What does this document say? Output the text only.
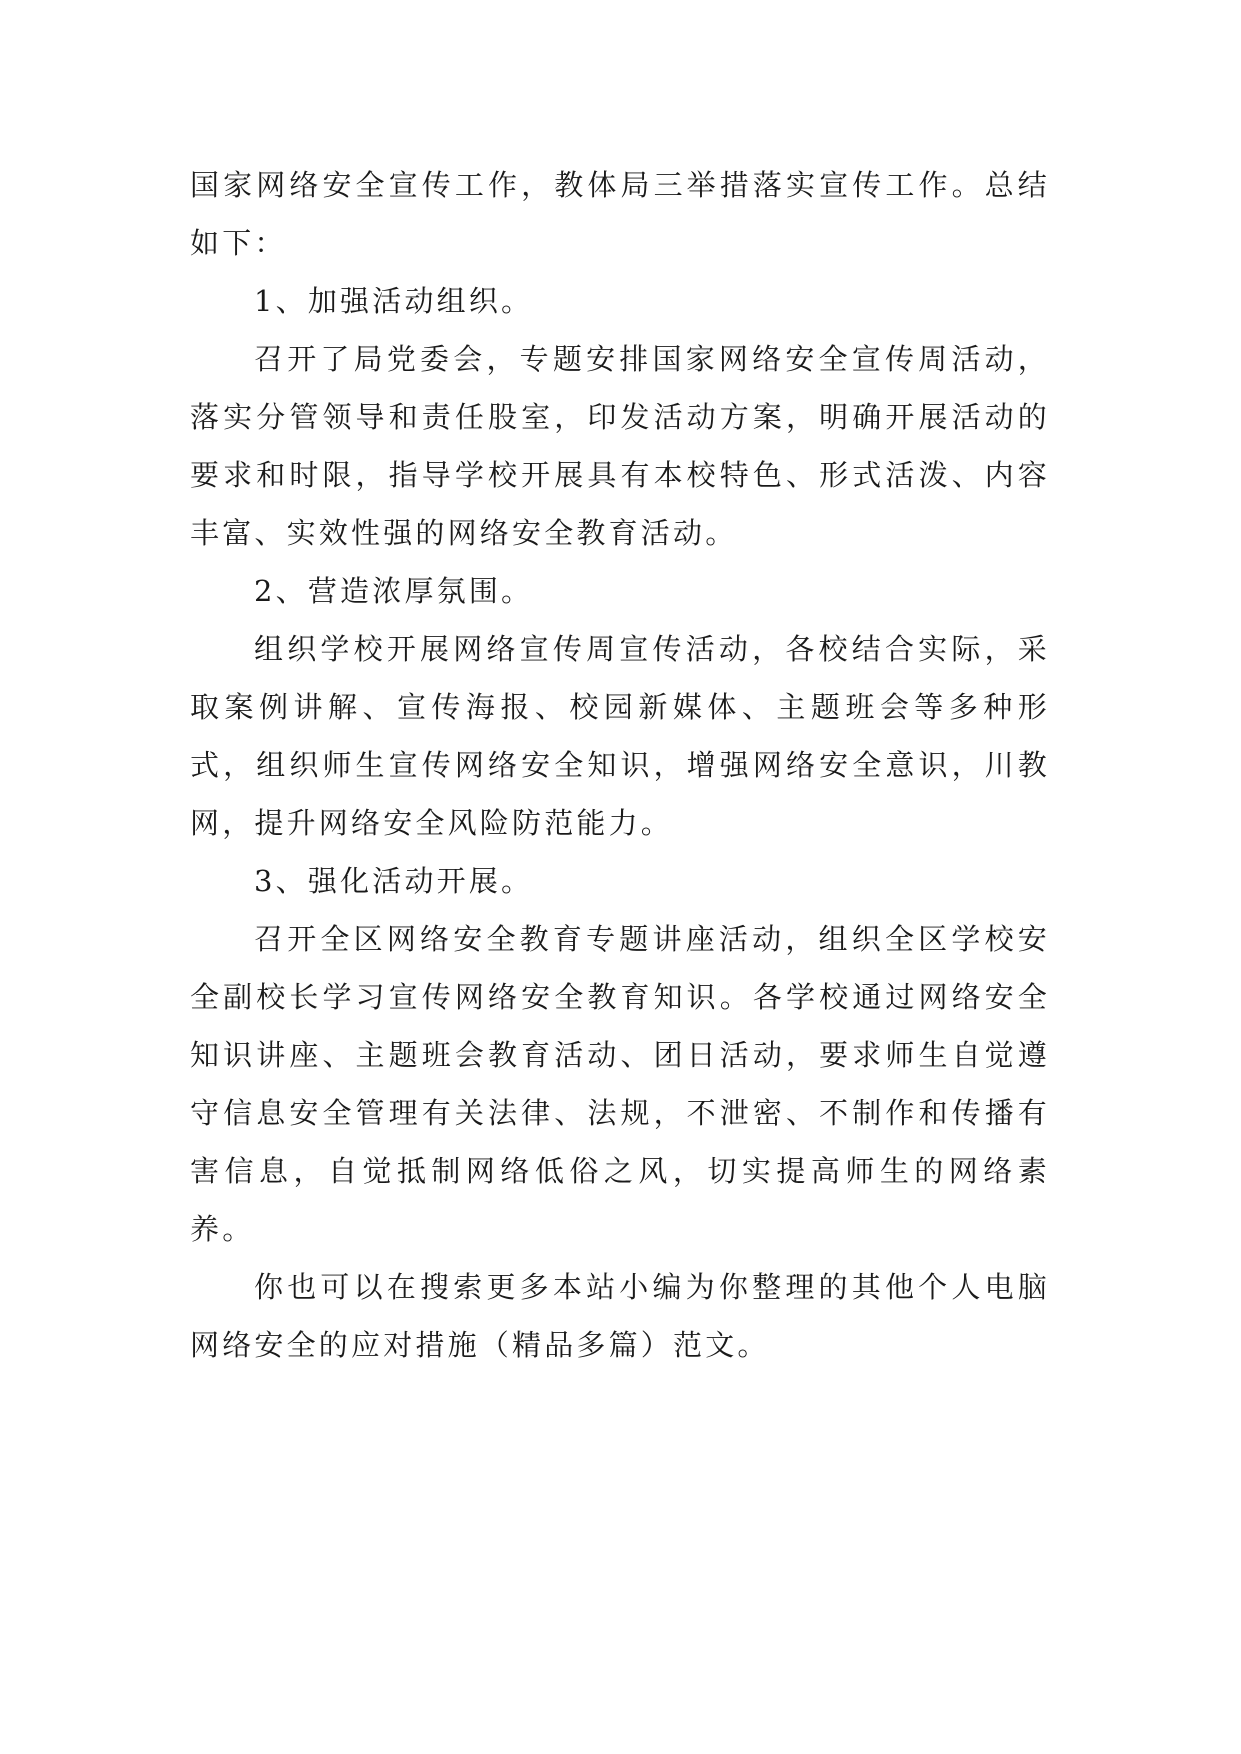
国家网络安全宣传工作，教体局三举措落实宣传工作。总结如下：

1、加强活动组织。

召开了局党委会，专题安排国家网络安全宣传周活动，落实分管领导和责任股室，印发活动方案，明确开展活动的要求和时限，指导学校开展具有本校特色、形式活泼、内容丰富、实效性强的网络安全教育活动。

2、营造浓厚氛围。

组织学校开展网络宣传周宣传活动，各校结合实际，采取案例讲解、宣传海报、校园新媒体、主题班会等多种形式，组织师生宣传网络安全知识，增强网络安全意识，川教网，提升网络安全风险防范能力。

3、强化活动开展。

召开全区网络安全教育专题讲座活动，组织全区学校安全副校长学习宣传网络安全教育知识。各学校通过网络安全知识讲座、主题班会教育活动、团日活动，要求师生自觉遵守信息安全管理有关法律、法规，不泄密、不制作和传播有害信息，自觉抵制网络低俗之风，切实提高师生的网络素养。

你也可以在搜索更多本站小编为你整理的其他个人电脑网络安全的应对措施（精品多篇）范文。
